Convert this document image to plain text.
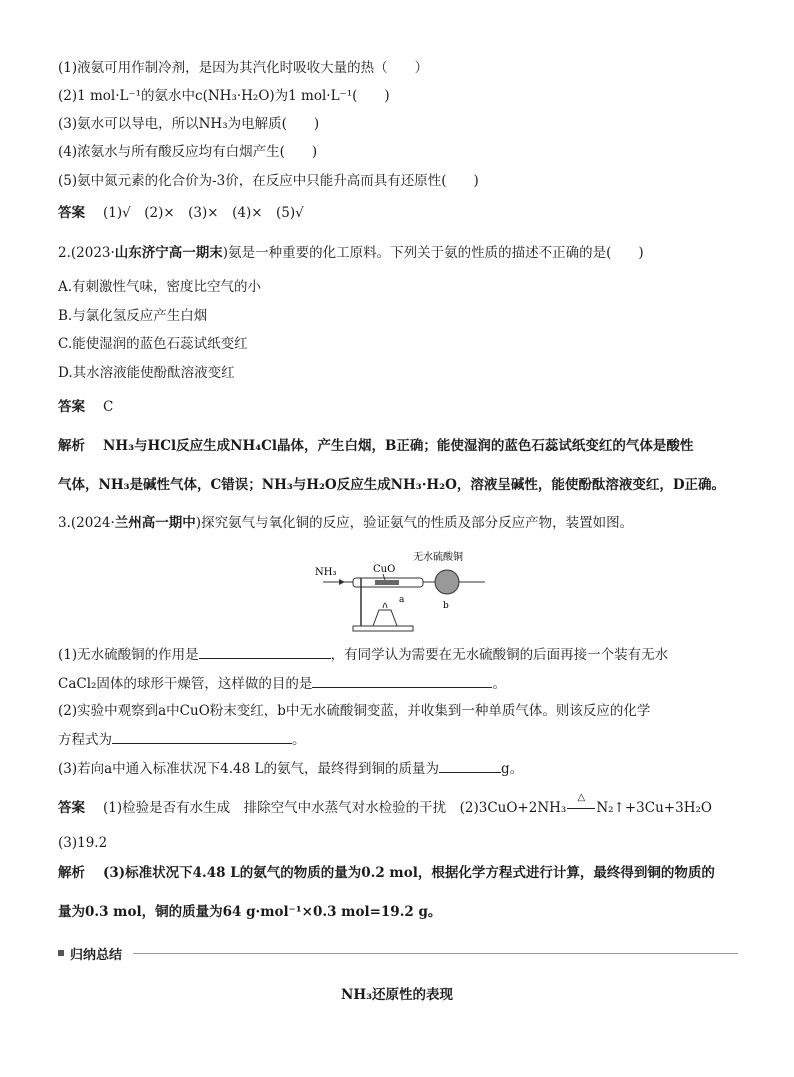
(1)液氨可用作制冷剂，是因为其汽化时吸收大量的热（　　）
(2)1 mol·L⁻¹的氨水中c(NH₃·H₂O)为1 mol·L⁻¹(　　)
(3)氨水可以导电，所以NH₃为电解质(　　)
(4)浓氨水与所有酸反应均有白烟产生(　　)
(5)氨中氮元素的化合价为-3价，在反应中只能升高而具有还原性(　　)
答案 (1)√　(2)×　(3)×　(4)×　(5)√
2.(2023·山东济宁高一期末)氨是一种重要的化工原料。下列关于氨的性质的描述不正确的是(　　)
A.有刺激性气味，密度比空气的小
B.与氯化氢反应产生白烟
C.能使湿润的蓝色石蕊试纸变红
D.其水溶液能使酚酞溶液变红
答案 C
解析 NH₃与HCl反应生成NH₄Cl晶体，产生白烟，B正确；能使湿润的蓝色石蕊试纸变红的气体是酸性
气体，NH₃是碱性气体，C错误；NH₃与H₂O反应生成NH₃·H₂O，溶液呈碱性，能使酚酞溶液变红，D正确。
3.(2024·兰州高一期中)探究氨气与氧化铜的反应，验证氨气的性质及部分反应产物，装置如图。
NH₃	CuO
a
b
无水硫酸铜
(1)无水硫酸铜的作用是	，有同学认为需要在无水硫酸铜的后面再接一个装有无水
CaCl₂固体的球形干燥管，这样做的目的是	。
(2)实验中观察到a中CuO粉末变红，b中无水硫酸铜变蓝，并收集到一种单质气体。则该反应的化学
方程式为	。
(3)若向a中通入标准状况下4.48 L的氨气，最终得到铜的质量为	g。
答案 (1)检验是否有水生成　排除空气中水蒸气对水检验的干扰　(2)3CuO+2NH₃
△
N₂↑+3Cu+3H₂O
(3)19.2
解析 (3)标准状况下4.48 L的氨气的物质的量为0.2 mol，根据化学方程式进行计算，最终得到铜的物质的
量为0.3 mol，铜的质量为64 g·mol⁻¹×0.3 mol=19.2 g。
归纳总结
NH₃还原性的表现
